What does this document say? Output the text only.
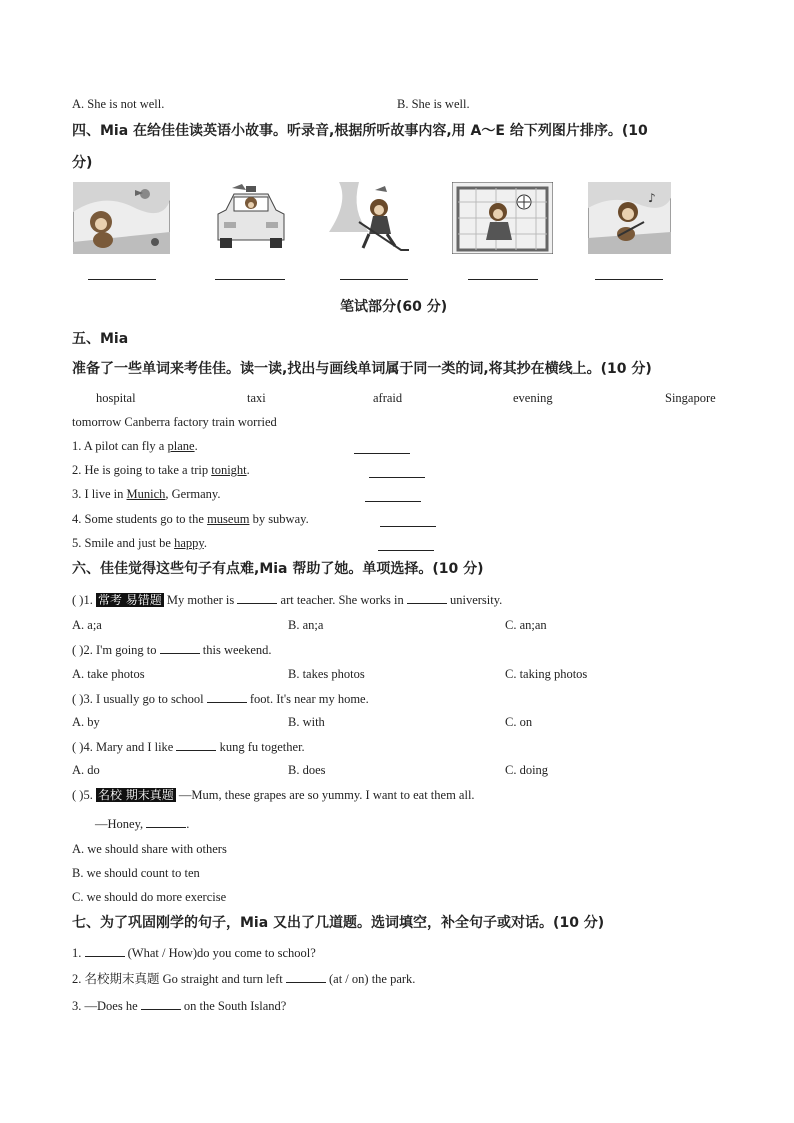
A. She is not well.	B. She is well.
四、Mia 在给佳佳读英语小故事。听录音,根据所听故事内容,用 A～E 给下列图片排序。(10
分)
♪
笔试部分(60 分)
五、Mia
准备了一些单词来考佳佳。读一读,找出与画线单词属于同一类的词,将其抄在横线上。(10 分)
hospital	taxi	afraid	evening	Singapore
tomorrow Canberra factory train worried
1. A pilot can fly a plane.
2. He is going to take a trip tonight.
3. I live in Munich, Germany.
4. Some students go to the museum by subway.
5. Smile and just be happy.
六、佳佳觉得这些句子有点难,Mia 帮助了她。单项选择。(10 分)
( )1. 常考 易错题 My mother is	art teacher. She works in	university.
A. a;a	B. an;a	C. an;an
( )2. I'm going to	this weekend.
A. take photos	B. takes photos	C. taking photos
( )3. I usually go to school	foot. It's near my home.
A. by	B. with	C. on
( )4. Mary and I like	kung fu together.
A. do	B. does	C. doing
( )5. 名校 期末真题 —Mum, these grapes are so yummy. I want to eat them all.
—Honey,	.
A. we should share with others
B. we should count to ten
C. we should do more exercise
七、为了巩固刚学的句子，Mia 又出了几道题。选词填空，补全句子或对话。(10 分)
1.	(What / How)do you come to school?
2. 名校期末真题 Go straight and turn left	(at / on) the park.
3. —Does he	on the South Island?
